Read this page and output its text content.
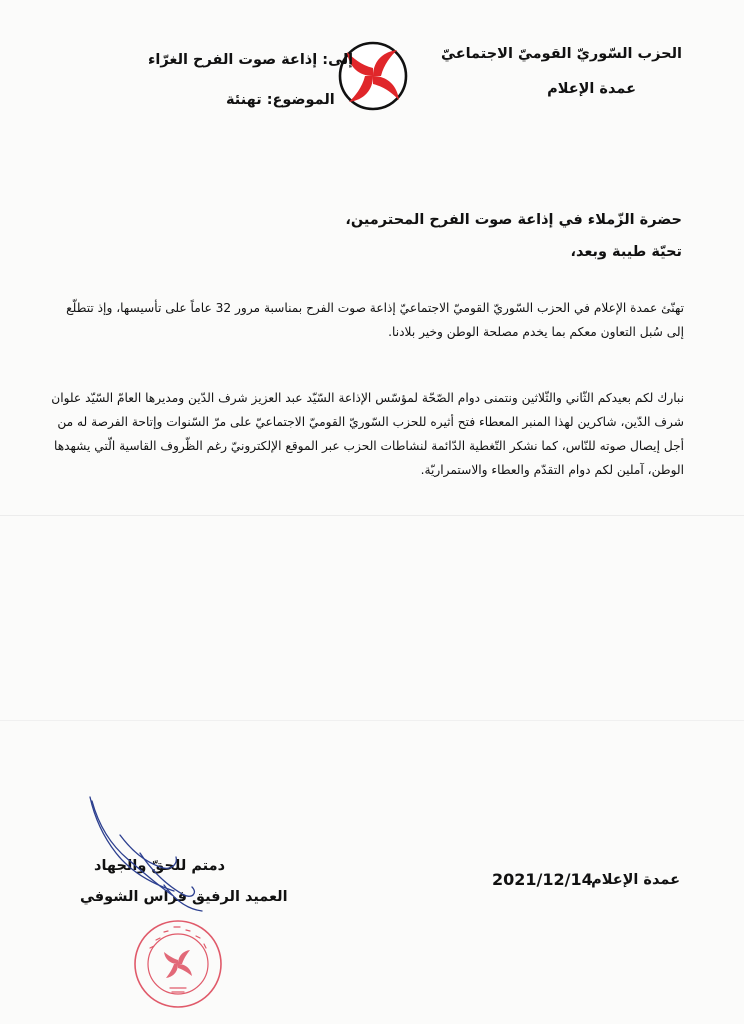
الحزب السّوريّ القوميّ الاجتماعيّ
عمدة الإعلام
إلى: إذاعة صوت الفرح الغرّاء
الموضوع: تهنئة
حضرة الزّملاء في إذاعة صوت الفرح المحترمين،
تحيّة طيبة وبعد،
تهنّئ عمدة الإعلام في الحزب السّوريّ القوميّ الاجتماعيّ إذاعة صوت الفرح بمناسبة مرور 32 عاماً على تأسيسها، وإذ تتطلّع
إلى سُبل التعاون معكم بما يخدم مصلحة الوطن وخير بلادنا.
نبارك لكم بعيدكم الثّاني والثّلاثين ونتمنى دوام الصّحّة لمؤسّس الإذاعة السّيّد عبد العزيز شرف الدّين ومديرها العامّ السّيّد علوان
شرف الدّين، شاكرين لهذا المنبر المعطاء فتح أثيره للحزب السّوريّ القوميّ الاجتماعيّ على مرّ السّنوات وإتاحة الفرصة له من
أجل إيصال صوته للنّاس، كما نشكر التّغطية الدّائمة لنشاطات الحزب عبر الموقع الإلكترونيّ رغم الظّروف القاسية الّتي يشهدها
الوطن، آملين لكم دوام التقدّم والعطاء والاستمراريّة.
عمدة الإعلام
2021/12/14
دمتم للحقّ والجهاد
العميد الرفيق فراس الشوفي
